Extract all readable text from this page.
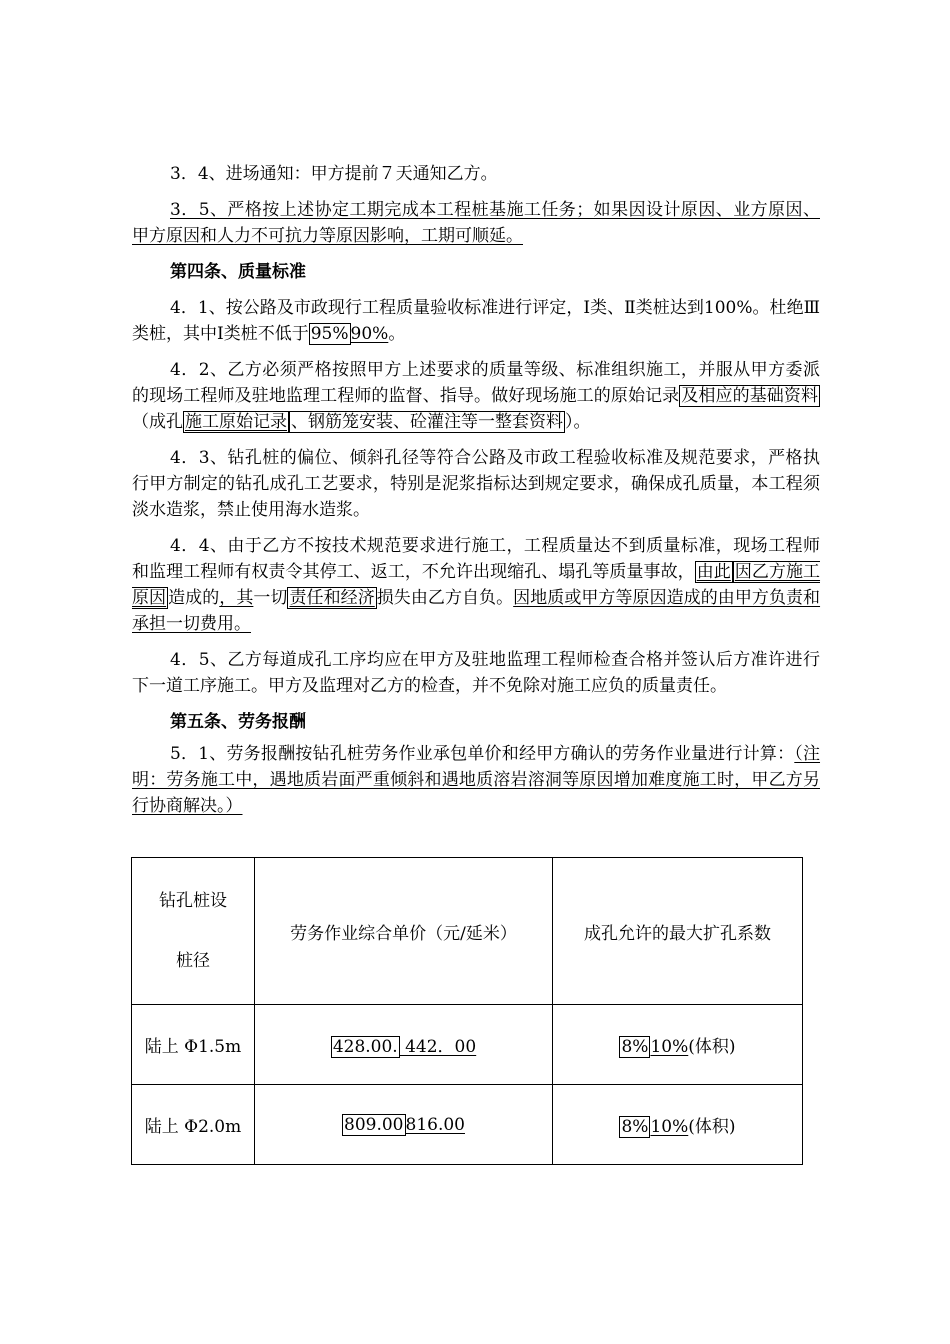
3．4、进场通知：甲方提前７天通知乙方。

3．5、严格按上述协定工期完成本工程桩基施工任务；如果因设计原因、业方原因、甲方原因和人力不可抗力等原因影响，工期可顺延。

第四条、质量标准

4．1、按公路及市政现行工程质量验收标准进行评定，Ⅰ类、Ⅱ类桩达到100%。杜绝Ⅲ类桩，其中Ⅰ类桩不低于 95% 90%。

4．2、乙方必须严格按照甲方上述要求的质量等级、标准组织施工，并服从甲方委派的现场工程师及驻地监理工程师的监督、指导。做好现场施工的原始记录 及相应的基础资料（成孔 施工原始记录 、钢筋笼安装、砼灌注等一整套资料 ）。

4．3、钻孔桩的偏位、倾斜孔径等符合公路及市政工程验收标准及规范要求，严格执行甲方制定的钻孔成孔工艺要求，特别是泥浆指标达到规定要求，确保成孔质量，本工程须淡水造浆，禁止使用海水造浆。

4．4、由于乙方不按技术规范要求进行施工，工程质量达不到质量标准，现场工程师和监理工程师有权责令其停工、返工，不允许出现缩孔、塌孔等质量事故， 由此 因乙方施工原因 造成的，其一切 责任和经济 损失由乙方自负。因地质或甲方等原因造成的由甲方负责和承担一切费用。

4．5、乙方每道成孔工序均应在甲方及驻地监理工程师检查合格并签认后方准许进行下一道工序施工。甲方及监理对乙方的检查，并不免除对施工应负的质量责任。

第五条、劳务报酬

5．1、劳务报酬按钻孔桩劳务作业承包单价和经甲方确认的劳务作业量进行计算：（注明：劳务施工中，遇地质岩面严重倾斜和遇地质溶岩溶洞等原因增加难度施工时，甲乙方另行协商解决。）

钻孔桩设
桩径	劳务作业综合单价（元/延米）	成孔允许的最大扩孔系数
陆上 Φ1.5m	428.00. 442．00	8% 10%(体积)
陆上 Φ2.0m	809.00 816.00	8% 10%(体积)
